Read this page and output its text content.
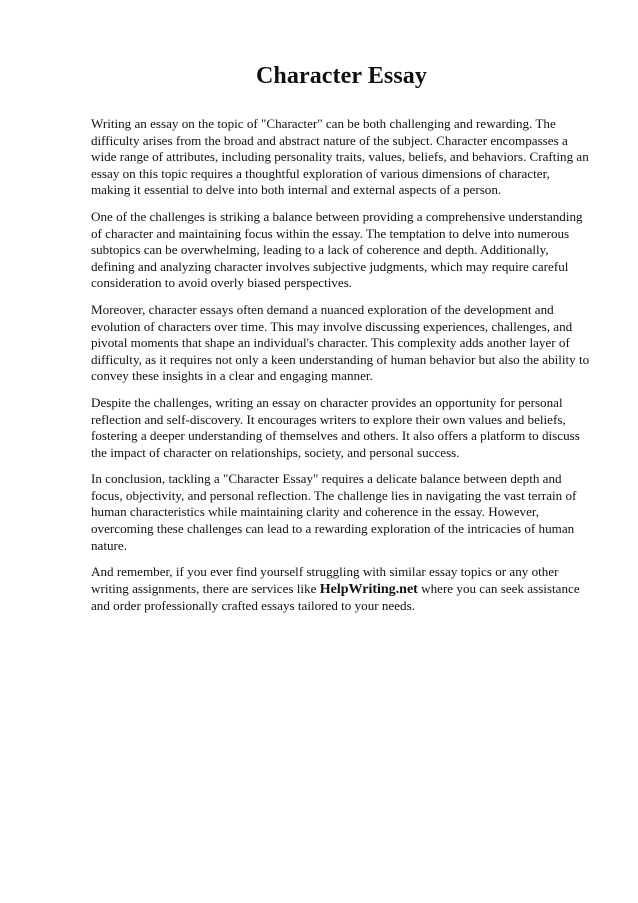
Character Essay

Writing an essay on the topic of "Character" can be both challenging and rewarding. The difficulty arises from the broad and abstract nature of the subject. Character encompasses a wide range of attributes, including personality traits, values, beliefs, and behaviors. Crafting an essay on this topic requires a thoughtful exploration of various dimensions of character, making it essential to delve into both internal and external aspects of a person.

One of the challenges is striking a balance between providing a comprehensive understanding of character and maintaining focus within the essay. The temptation to delve into numerous subtopics can be overwhelming, leading to a lack of coherence and depth. Additionally, defining and analyzing character involves subjective judgments, which may require careful consideration to avoid overly biased perspectives.

Moreover, character essays often demand a nuanced exploration of the development and evolution of characters over time. This may involve discussing experiences, challenges, and pivotal moments that shape an individual's character. This complexity adds another layer of difficulty, as it requires not only a keen understanding of human behavior but also the ability to convey these insights in a clear and engaging manner.

Despite the challenges, writing an essay on character provides an opportunity for personal reflection and self-discovery. It encourages writers to explore their own values and beliefs, fostering a deeper understanding of themselves and others. It also offers a platform to discuss the impact of character on relationships, society, and personal success.

In conclusion, tackling a "Character Essay" requires a delicate balance between depth and focus, objectivity, and personal reflection. The challenge lies in navigating the vast terrain of human characteristics while maintaining clarity and coherence in the essay. However, overcoming these challenges can lead to a rewarding exploration of the intricacies of human nature.

And remember, if you ever find yourself struggling with similar essay topics or any other writing assignments, there are services like HelpWriting.net where you can seek assistance and order professionally crafted essays tailored to your needs.
